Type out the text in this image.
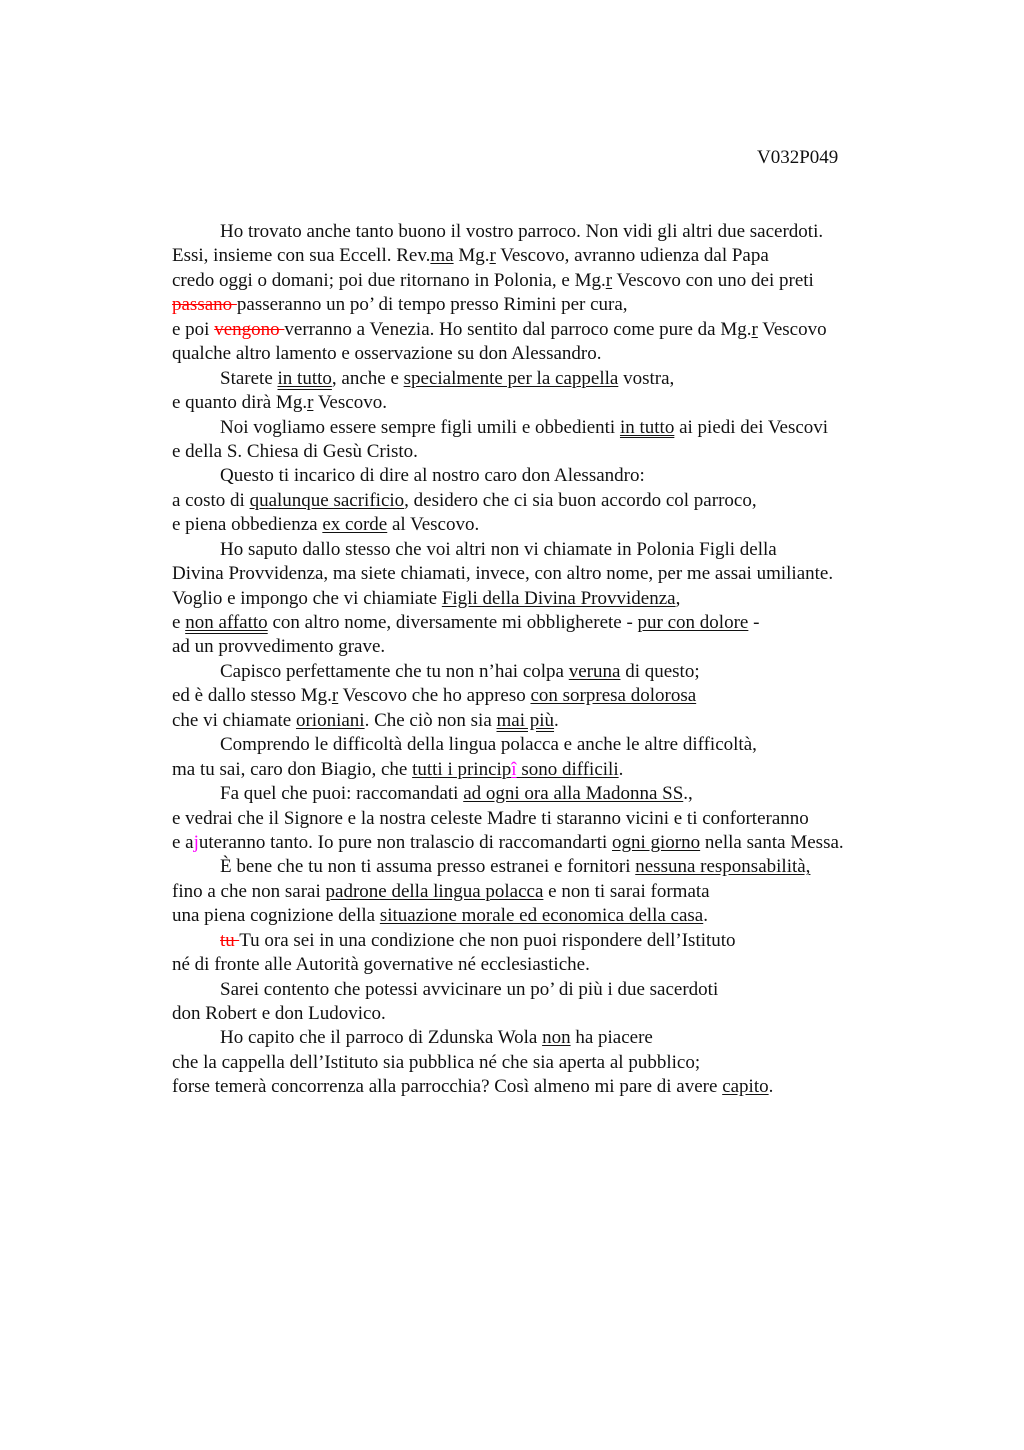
V032P049
Ho trovato anche tanto buono il vostro parroco. Non vidi gli altri due sacerdoti.
Essi, insieme con sua Eccell. Rev.ma Mg.r Vescovo, avranno udienza dal Papa
credo oggi o domani; poi due ritornano in Polonia, e Mg.r Vescovo con uno dei preti
passano passeranno un po’ di tempo presso Rimini per cura,
e poi vengono verranno a Venezia. Ho sentito dal parroco come pure da Mg.r Vescovo
qualche altro lamento e osservazione su don Alessandro.
Starete in tutto, anche e specialmente per la cappella vostra,
e quanto dirà Mg.r Vescovo.
Noi vogliamo essere sempre figli umili e obbedienti in tutto ai piedi dei Vescovi
e della S. Chiesa di Gesù Cristo.
Questo ti incarico di dire al nostro caro don Alessandro:
a costo di qualunque sacrificio, desidero che ci sia buon accordo col parroco,
e piena obbedienza ex corde al Vescovo.
Ho saputo dallo stesso che voi altri non vi chiamate in Polonia Figli della
Divina Provvidenza, ma siete chiamati, invece, con altro nome, per me assai umiliante.
Voglio e impongo che vi chiamiate Figli della Divina Provvidenza,
e non affatto con altro nome, diversamente mi obbligherete - pur con dolore -
ad un provvedimento grave.
Capisco perfettamente che tu non n’hai colpa veruna di questo;
ed è dallo stesso Mg.r Vescovo che ho appreso con sorpresa dolorosa
che vi chiamate orioniani. Che ciò non sia mai più.
Comprendo le difficoltà della lingua polacca e anche le altre difficoltà,
ma tu sai, caro don Biagio, che tutti i principî sono difficili.
Fa quel che puoi: raccomandati ad ogni ora alla Madonna SS.,
e vedrai che il Signore e la nostra celeste Madre ti staranno vicini e ti conforteranno
e ajuteranno tanto. Io pure non tralascio di raccomandarti ogni giorno nella santa Messa.
È bene che tu non ti assuma presso estranei e fornitori nessuna responsabilità,
fino a che non sarai padrone della lingua polacca e non ti sarai formata
una piena cognizione della situazione morale ed economica della casa.
tu Tu ora sei in una condizione che non puoi rispondere dell’Istituto
né di fronte alle Autorità governative né ecclesiastiche.
Sarei contento che potessi avvicinare un po’ di più i due sacerdoti
don Robert e don Ludovico.
Ho capito che il parroco di Zdunska Wola non ha piacere
che la cappella dell’Istituto sia pubblica né che sia aperta al pubblico;
forse temerà concorrenza alla parrocchia? Così almeno mi pare di avere capito.
